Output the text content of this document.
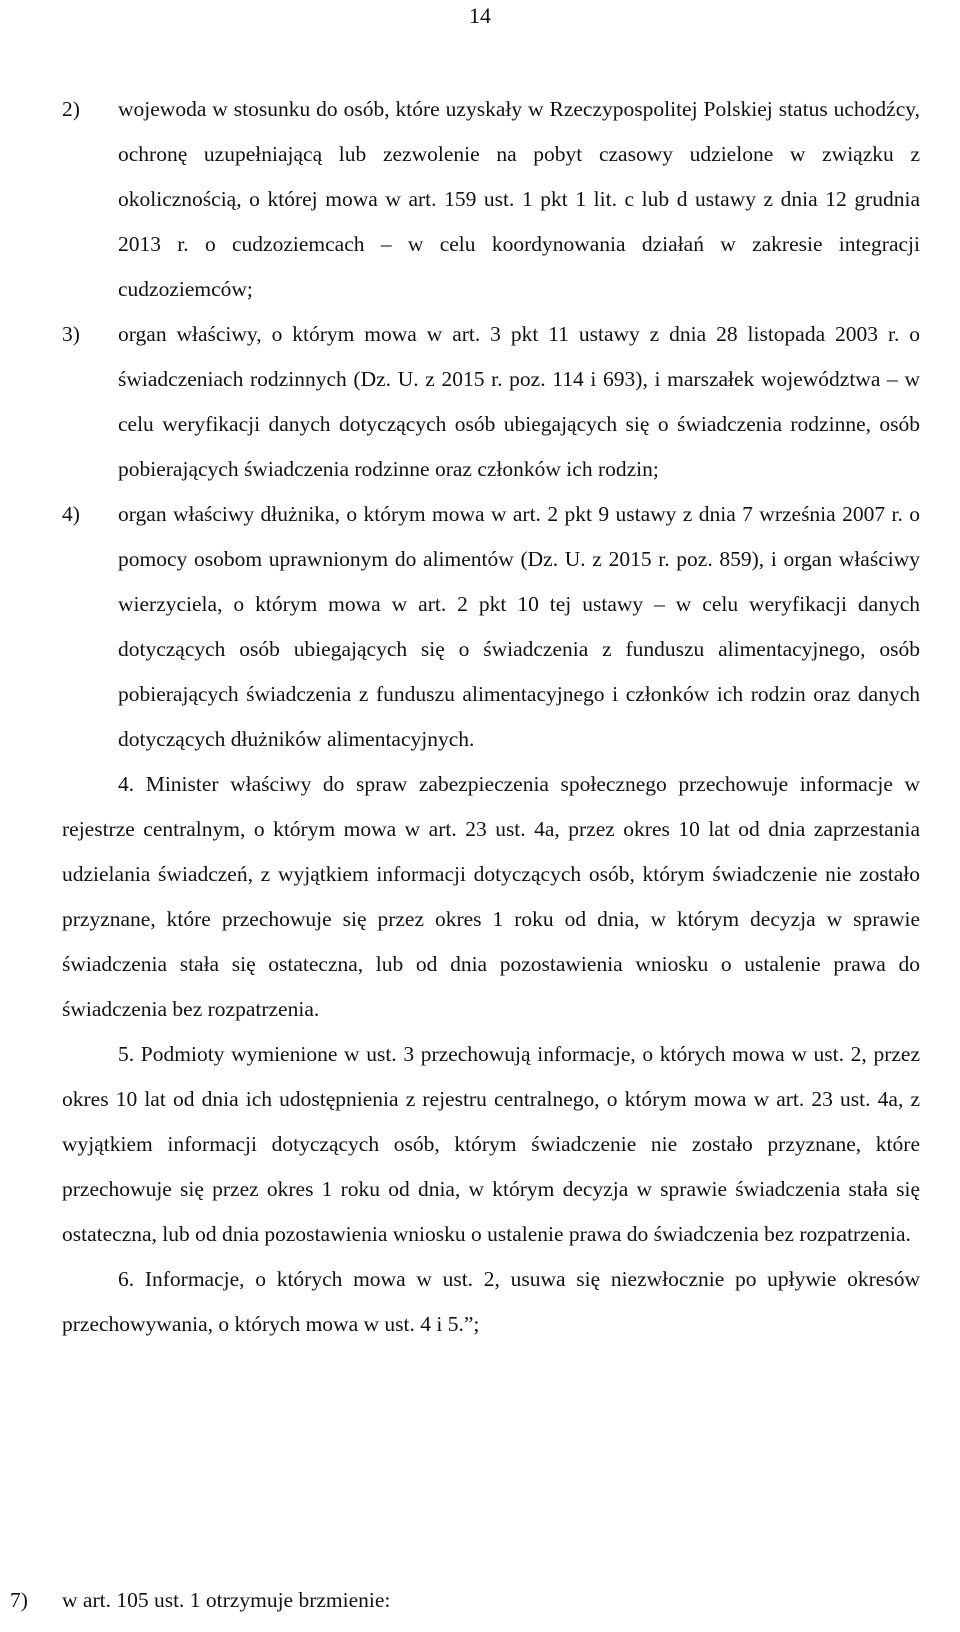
14
2) wojewoda w stosunku do osób, które uzyskały w Rzeczypospolitej Polskiej status uchodźcy, ochronę uzupełniającą lub zezwolenie na pobyt czasowy udzielone w związku z okolicznością, o której mowa w art. 159 ust. 1 pkt 1 lit. c lub d ustawy z dnia 12 grudnia 2013 r. o cudzoziemcach – w celu koordynowania działań w zakresie integracji cudzoziemców;
3) organ właściwy, o którym mowa w art. 3 pkt 11 ustawy z dnia 28 listopada 2003 r. o świadczeniach rodzinnych (Dz. U. z 2015 r. poz. 114 i 693), i marszałek województwa – w celu weryfikacji danych dotyczących osób ubiegających się o świadczenia rodzinne, osób pobierających świadczenia rodzinne oraz członków ich rodzin;
4) organ właściwy dłużnika, o którym mowa w art. 2 pkt 9 ustawy z dnia 7 września 2007 r. o pomocy osobom uprawnionym do alimentów (Dz. U. z 2015 r. poz. 859), i organ właściwy wierzyciela, o którym mowa w art. 2 pkt 10 tej ustawy – w celu weryfikacji danych dotyczących osób ubiegających się o świadczenia z funduszu alimentacyjnego, osób pobierających świadczenia z funduszu alimentacyjnego i członków ich rodzin oraz danych dotyczących dłużników alimentacyjnych.
4. Minister właściwy do spraw zabezpieczenia społecznego przechowuje informacje w rejestrze centralnym, o którym mowa w art. 23 ust. 4a, przez okres 10 lat od dnia zaprzestania udzielania świadczeń, z wyjątkiem informacji dotyczących osób, którym świadczenie nie zostało przyznane, które przechowuje się przez okres 1 roku od dnia, w którym decyzja w sprawie świadczenia stała się ostateczna, lub od dnia pozostawienia wniosku o ustalenie prawa do świadczenia bez rozpatrzenia.
5. Podmioty wymienione w ust. 3 przechowują informacje, o których mowa w ust. 2, przez okres 10 lat od dnia ich udostępnienia z rejestru centralnego, o którym mowa w art. 23 ust. 4a, z wyjątkiem informacji dotyczących osób, którym świadczenie nie zostało przyznane, które przechowuje się przez okres 1 roku od dnia, w którym decyzja w sprawie świadczenia stała się ostateczna, lub od dnia pozostawienia wniosku o ustalenie prawa do świadczenia bez rozpatrzenia.
6. Informacje, o których mowa w ust. 2, usuwa się niezwłocznie po upływie okresów przechowywania, o których mowa w ust. 4 i 5.”;
7) w art. 105 ust. 1 otrzymuje brzmienie:
